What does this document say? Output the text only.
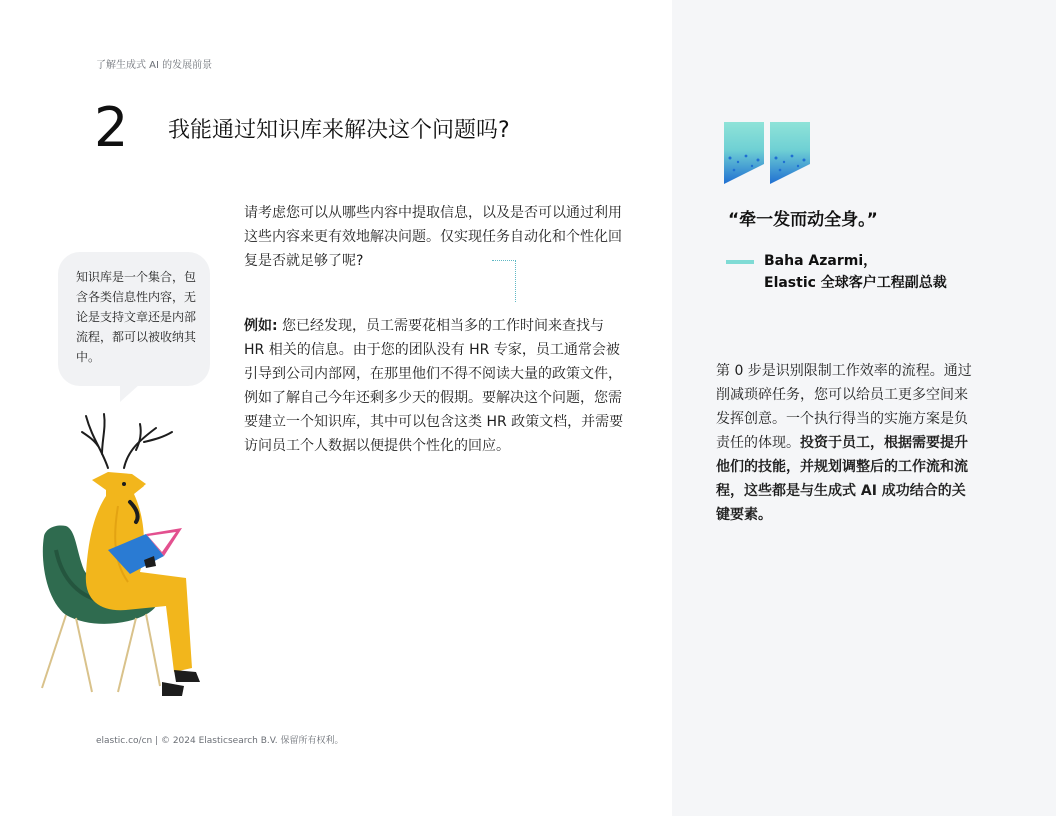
了解生成式 AI 的发展前景
2 我能通过知识库来解决这个问题吗?

请考虑您可以从哪些内容中提取信息，以及是否可以通过利用这些内容来更有效地解决问题。仅实现任务自动化和个性化回复是否就足够了呢?

例如: 您已经发现，员工需要花相当多的工作时间来查找与 HR 相关的信息。由于您的团队没有 HR 专家，员工通常会被引导到公司内部网，在那里他们不得不阅读大量的政策文件，例如了解自己今年还剩多少天的假期。要解决这个问题，您需要建立一个知识库，其中可以包含这类 HR 政策文档，并需要访问员工个人数据以便提供个性化的回应。

知识库是一个集合，包含各类信息性内容，无论是支持文章还是内部流程，都可以被收纳其中。

elastic.co/cn | © 2024 Elasticsearch B.V. 保留所有权利。
“牵一发而动全身。”
Baha Azarmi，
Elastic 全球客户工程副总裁

第 0 步是识别限制工作效率的流程。通过削减琐碎任务，您可以给员工更多空间来发挥创意。一个执行得当的实施方案是负责任的体现。投资于员工，根据需要提升他们的技能，并规划调整后的工作流和流程，这些都是与生成式 AI 成功结合的关键要素。
